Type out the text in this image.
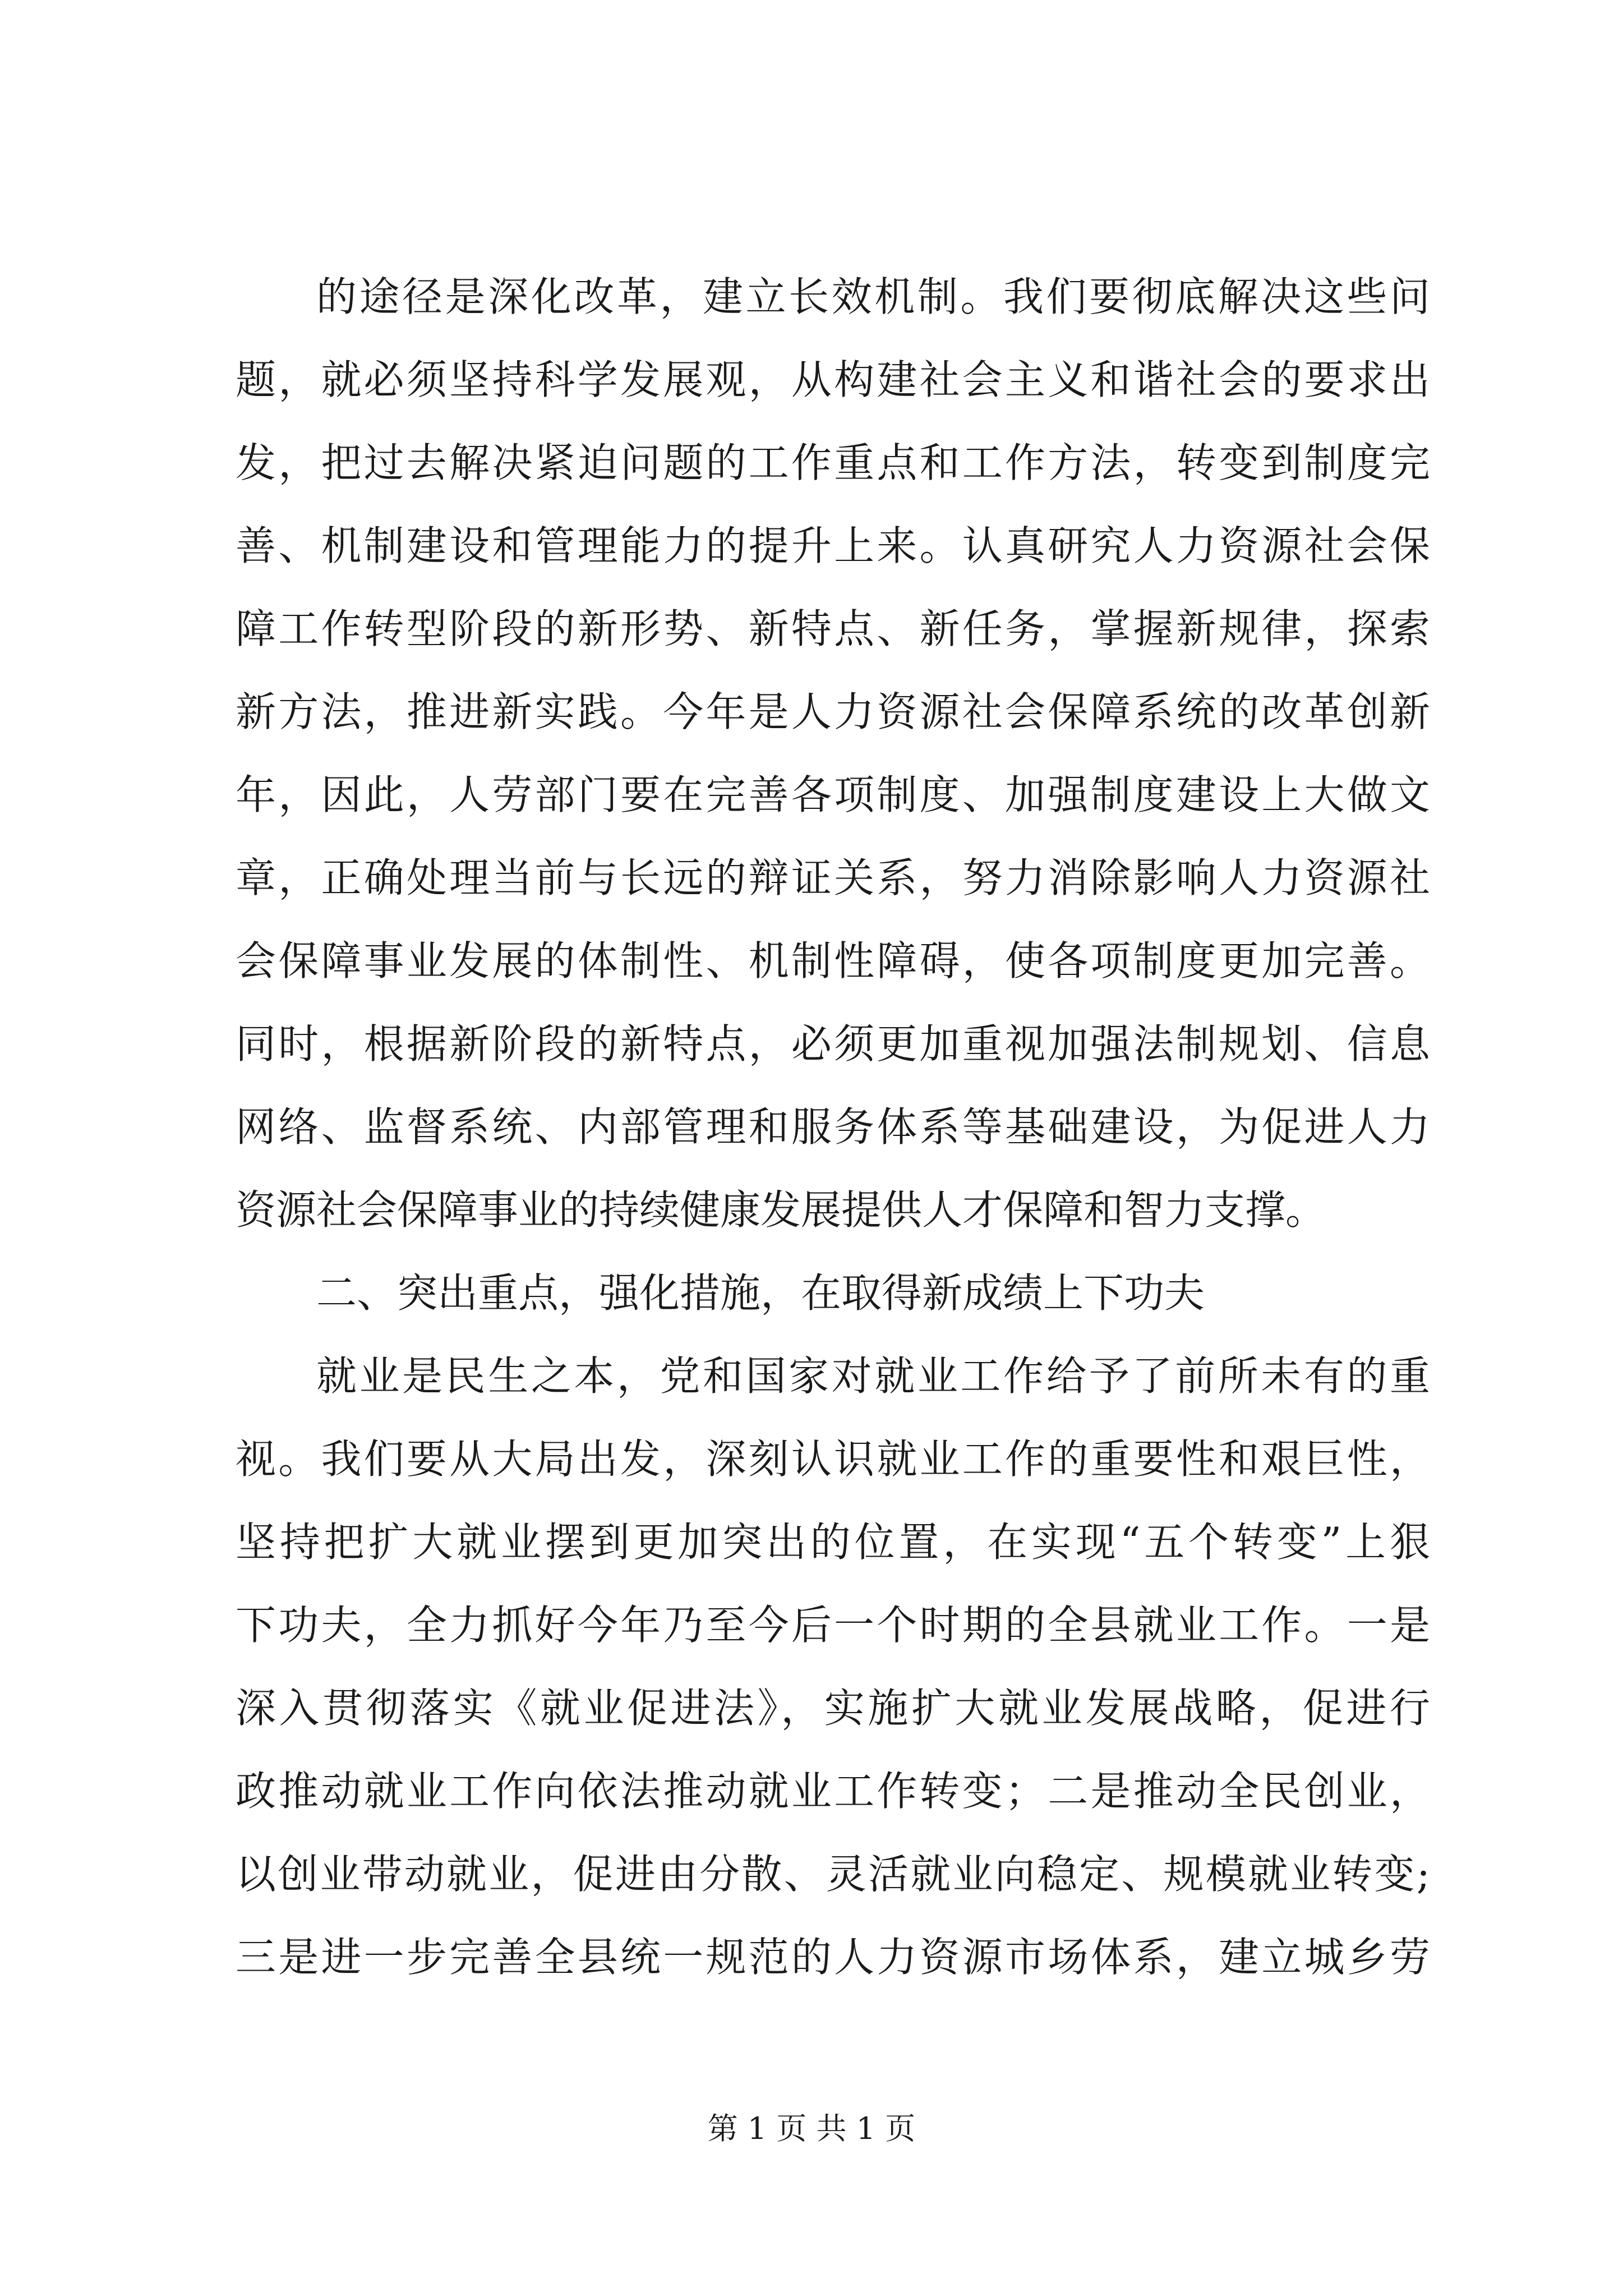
的途径是深化改革，建立长效机制。我们要彻底解决这些问
题，就必须坚持科学发展观，从构建社会主义和谐社会的要求出
发，把过去解决紧迫问题的工作重点和工作方法，转变到制度完
善、机制建设和管理能力的提升上来。认真研究人力资源社会保
障工作转型阶段的新形势、新特点、新任务，掌握新规律，探索
新方法，推进新实践。今年是人力资源社会保障系统的改革创新
年，因此，人劳部门要在完善各项制度、加强制度建设上大做文
章，正确处理当前与长远的辩证关系，努力消除影响人力资源社
会保障事业发展的体制性、机制性障碍，使各项制度更加完善。
同时，根据新阶段的新特点，必须更加重视加强法制规划、信息
网络、监督系统、内部管理和服务体系等基础建设，为促进人力
资源社会保障事业的持续健康发展提供人才保障和智力支撑。
二、突出重点，强化措施，在取得新成绩上下功夫
就业是民生之本，党和国家对就业工作给予了前所未有的重
视。我们要从大局出发，深刻认识就业工作的重要性和艰巨性，
坚持把扩大就业摆到更加突出的位置，在实现“五个转变”上狠
下功夫，全力抓好今年乃至今后一个时期的全县就业工作。一是
深入贯彻落实《就业促进法》，实施扩大就业发展战略，促进行
政推动就业工作向依法推动就业工作转变；二是推动全民创业，
以创业带动就业，促进由分散、灵活就业向稳定、规模就业转变;
三是进一步完善全县统一规范的人力资源市场体系，建立城乡劳
第 1 页 共 1 页
